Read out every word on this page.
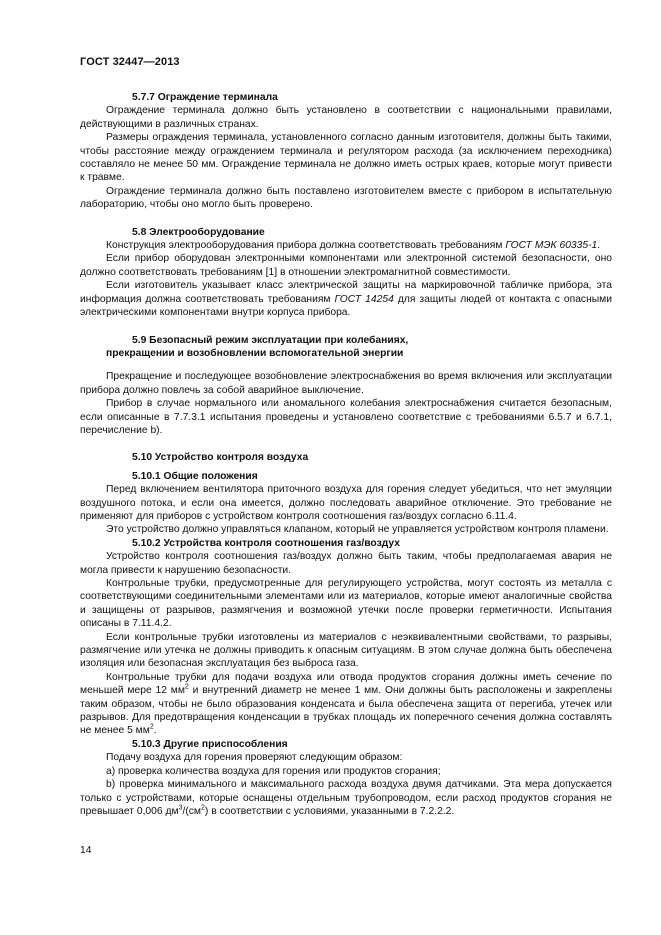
ГОСТ 32447—2013

5.7.7 Ограждение терминала

Ограждение терминала должно быть установлено в соответствии с национальными правилами, действующими в различных странах.

Размеры ограждения терминала, установленного согласно данным изготовителя, должны быть такими, чтобы расстояние между ограждением терминала и регулятором расхода (за исключением переходника) составляло не менее 50 мм. Ограждение терминала не должно иметь острых краев, которые могут привести к травме.

Ограждение терминала должно быть поставлено изготовителем вместе с прибором в испытательную лабораторию, чтобы оно могло быть проверено.

5.8 Электрооборудование

Конструкция электрооборудования прибора должна соответствовать требованиям ГОСТ МЭК 60335-1.

Если прибор оборудован электронными компонентами или электронной системой безопасности, оно должно соответствовать требованиям [1] в отношении электромагнитной совместимости.

Если изготовитель указывает класс электрической защиты на маркировочной табличке прибора, эта информация должна соответствовать требованиям ГОСТ 14254 для защиты людей от контакта с опасными электрическими компонентами внутри корпуса прибора.

5.9 Безопасный режим эксплуатации при колебаниях,
прекращении и возобновлении вспомогательной энергии

Прекращение и последующее возобновление электроснабжения во время включения или эксплуатации прибора должно повлечь за собой аварийное выключение.

Прибор в случае нормального или аномального колебания электроснабжения считается безопасным, если описанные в 7.7.3.1 испытания проведены и установлено соответствие с требованиями 6.5.7 и 6.7.1, перечисление b).

5.10 Устройство контроля воздуха

5.10.1 Общие положения

Перед включением вентилятора приточного воздуха для горения следует убедиться, что нет эмуляции воздушного потока, и если она имеется, должно последовать аварийное отключение. Это требование не применяют для приборов с устройством контроля соотношения газ/воздух согласно 6.11.4.

Это устройство должно управляться клапаном, который не управляется устройством контроля пламени.

5.10.2 Устройства контроля соотношения газ/воздух

Устройство контроля соотношения газ/воздух должно быть таким, чтобы предполагаемая авария не могла привести к нарушению безопасности.

Контрольные трубки, предусмотренные для регулирующего устройства, могут состоять из металла с соответствующими соединительными элементами или из материалов, которые имеют аналогичные свойства и защищены от разрывов, размягчения и возможной утечки после проверки герметичности. Испытания описаны в 7.11.4.2.

Если контрольные трубки изготовлены из материалов с неэквивалентными свойствами, то разрывы, размягчение или утечка не должны приводить к опасным ситуациям. В этом случае должна быть обеспечена изоляция или безопасная эксплуатация без выброса газа.

Контрольные трубки для подачи воздуха или отвода продуктов сгорания должны иметь сечение по меньшей мере 12 $мм^2$ и внутренний диаметр не менее 1 мм. Они должны быть расположены и закреплены таким образом, чтобы не было образования конденсата и была обеспечена защита от перегиба, утечек или разрывов. Для предотвращения конденсации в трубках площадь их поперечного сечения должна составлять не менее 5 $мм^2$.

5.10.3 Другие приспособления

Подачу воздуха для горения проверяют следующим образом:

а) проверка количества воздуха для горения или продуктов сгорания;

b) проверка минимального и максимального расхода воздуха двумя датчиками. Эта мера допускается только с устройствами, которые оснащены отдельным трубопроводом, если расход продуктов сгорания не превышает 0,006 $дм^3/(см^2)$ в соответствии с условиями, указанными в 7.2.2.2.

14
